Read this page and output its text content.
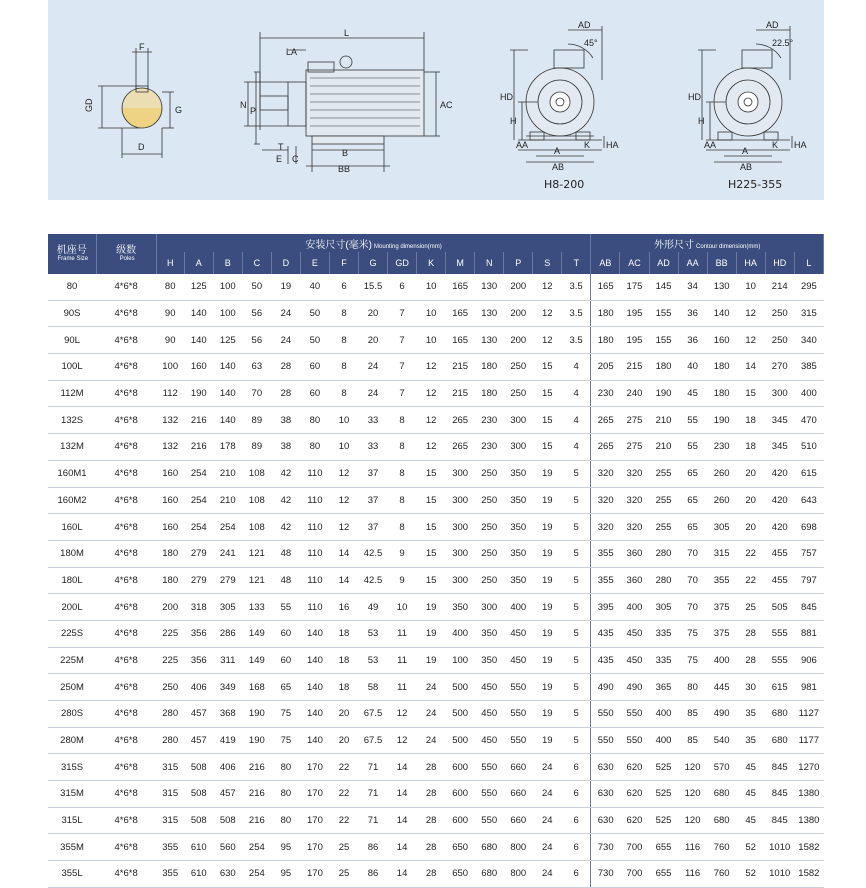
F
GD	G
D
L
LA
N
P
AC
T
E C
B
BB
AD
HD
H
AA
A
AB
K HA
45°
AD
HD
H
AA
A
AB
K HA
22.5°
H8-200	H225-355
机座号
Frame Size	级数
Poles	安装尺寸(毫米) Mounting dimension(mm)															外形尺寸 Contour dimension(mm)							
		H	A	B	C	D	E	F	G	GD	K	M	N	P	S	T	AB	AC	AD	AA	BB	HA	HD	L
80	4*6*8	80	125	100	50	19	40	6	15.5	6	10	165	130	200	12	3.5	165	175	145	34	130	10	214	295
90S	4*6*8	90	140	100	56	24	50	8	20	7	10	165	130	200	12	3.5	180	195	155	36	140	12	250	315
90L	4*6*8	90	140	125	56	24	50	8	20	7	10	165	130	200	12	3.5	180	195	155	36	160	12	250	340
100L	4*6*8	100	160	140	63	28	60	8	24	7	12	215	180	250	15	4	205	215	180	40	180	14	270	385
112M	4*6*8	112	190	140	70	28	60	8	24	7	12	215	180	250	15	4	230	240	190	45	180	15	300	400
132S	4*6*8	132	216	140	89	38	80	10	33	8	12	265	230	300	15	4	265	275	210	55	190	18	345	470
132M	4*6*8	132	216	178	89	38	80	10	33	8	12	265	230	300	15	4	265	275	210	55	230	18	345	510
160M1	4*6*8	160	254	210	108	42	110	12	37	8	15	300	250	350	19	5	320	320	255	65	260	20	420	615
160M2	4*6*8	160	254	210	108	42	110	12	37	8	15	300	250	350	19	5	320	320	255	65	260	20	420	643
160L	4*6*8	160	254	254	108	42	110	12	37	8	15	300	250	350	19	5	320	320	255	65	305	20	420	698
180M	4*6*8	180	279	241	121	48	110	14	42.5	9	15	300	250	350	19	5	355	360	280	70	315	22	455	757
180L	4*6*8	180	279	279	121	48	110	14	42.5	9	15	300	250	350	19	5	355	360	280	70	355	22	455	797
200L	4*6*8	200	318	305	133	55	110	16	49	10	19	350	300	400	19	5	395	400	305	70	375	25	505	845
225S	4*6*8	225	356	286	149	60	140	18	53	11	19	400	350	450	19	5	435	450	335	75	375	28	555	881
225M	4*6*8	225	356	311	149	60	140	18	53	11	19	100	350	450	19	5	435	450	335	75	400	28	555	906
250M	4*6*8	250	406	349	168	65	140	18	58	11	24	500	450	550	19	5	490	490	365	80	445	30	615	981
280S	4*6*8	280	457	368	190	75	140	20	67.5	12	24	500	450	550	19	5	550	550	400	85	490	35	680	1127
280M	4*6*8	280	457	419	190	75	140	20	67.5	12	24	500	450	550	19	5	550	550	400	85	540	35	680	1177
315S	4*6*8	315	508	406	216	80	170	22	71	14	28	600	550	660	24	6	630	620	525	120	570	45	845	1270
315M	4*6*8	315	508	457	216	80	170	22	71	14	28	600	550	660	24	6	630	620	525	120	680	45	845	1380
315L	4*6*8	315	508	508	216	80	170	22	71	14	28	600	550	660	24	6	630	620	525	120	680	45	845	1380
355M	4*6*8	355	610	560	254	95	170	25	86	14	28	650	680	800	24	6	730	700	655	116	760	52	1010	1582
355L	4*6*8	355	610	630	254	95	170	25	86	14	28	650	680	800	24	6	730	700	655	116	760	52	1010	1582
